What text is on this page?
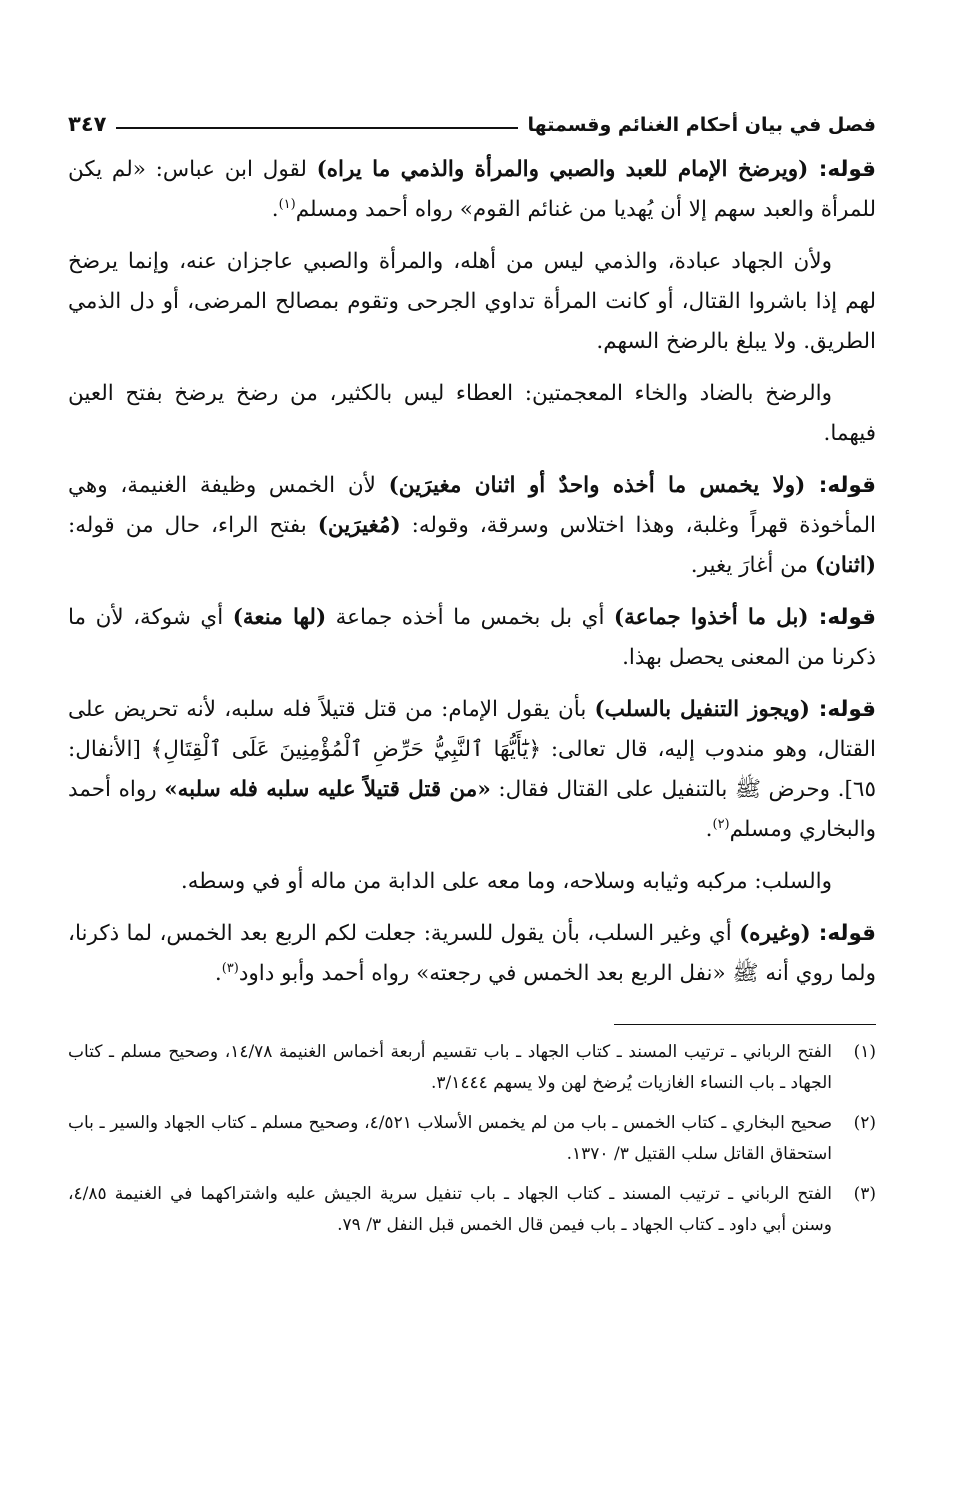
فصل في بيان أحكام الغنائم وقسمتها
٣٤٧

قوله: (ويرضخ الإمام للعبد والصبي والمرأة والذمي ما يراه) لقول ابن عباس: «لم يكن للمرأة والعبد سهم إلا أن يُهديا من غنائم القوم» رواه أحمد ومسلم$^{(١)}$.

ولأن الجهاد عبادة، والذمي ليس من أهله، والمرأة والصبي عاجزان عنه، وإنما يرضخ لهم إذا باشروا القتال، أو كانت المرأة تداوي الجرحى وتقوم بمصالح المرضى، أو دل الذمي الطريق. ولا يبلغ بالرضخ السهم.

والرضخ بالضاد والخاء المعجمتين: العطاء ليس بالكثير، من رضخ يرضخ بفتح العين فيهما.

قوله: (ولا يخمس ما أخذه واحدٌ أو اثنان مغيرَين) لأن الخمس وظيفة الغنيمة، وهي المأخوذة قهراً وغلبة، وهذا اختلاس وسرقة، وقوله: (مُغيرَين) بفتح الراء، حال من قوله: (اثنان) من أغارَ يغير.

قوله: (بل ما أخذوا جماعة) أي بل بخمس ما أخذه جماعة (لها منعة) أي شوكة، لأن ما ذكرنا من المعنى يحصل بهذا.

قوله: (ويجوز التنفيل بالسلب) بأن يقول الإمام: من قتل قتيلاً فله سلبه، لأنه تحريض على القتال، وهو مندوب إليه، قال تعالى: ﴿يَٰٓأَيُّهَا ٱلنَّبِيُّ حَرِّضِ ٱلْمُؤْمِنِينَ عَلَى ٱلْقِتَالِ﴾ [الأنفال: ٦٥]. وحرض ﷺ بالتنفيل على القتال فقال: «من قتل قتيلاً عليه سلبه فله سلبه» رواه أحمد والبخاري ومسلم$^{(٢)}$.

والسلب: مركبه وثيابه وسلاحه، وما معه على الدابة من ماله أو في وسطه.

قوله: (وغيره) أي وغير السلب، بأن يقول للسرية: جعلت لكم الربع بعد الخمس، لما ذكرنا، ولما روي أنه ﷺ «نفل الربع بعد الخمس في رجعته» رواه أحمد وأبو داود$^{(٣)}$.

(١)
الفتح الرباني ـ ترتيب المسند ـ كتاب الجهاد ـ باب تقسيم أربعة أخماس الغنيمة ١٤/٧٨، وصحيح مسلم ـ كتاب الجهاد ـ باب النساء الغازيات يُرضخ لهن ولا يسهم ٣/١٤٤٤.
(٢)
صحيح البخاري ـ كتاب الخمس ـ باب من لم يخمس الأسلاب ٤/٥٢١، وصحيح مسلم ـ كتاب الجهاد والسير ـ باب استحقاق القاتل سلب القتيل ٣/ ١٣٧٠.
(٣)
الفتح الرباني ـ ترتيب المسند ـ كتاب الجهاد ـ باب تنفيل سرية الجيش عليه واشتراكهما في الغنيمة ٤/٨٥، وسنن أبي داود ـ كتاب الجهاد ـ باب فيمن قال الخمس قبل النفل ٣/ ٧٩.
